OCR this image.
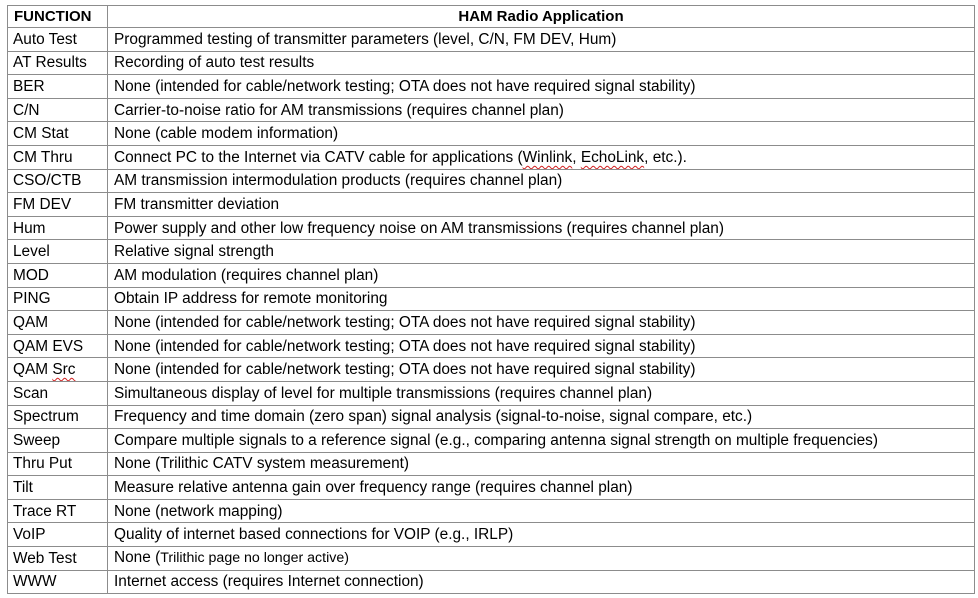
FUNCTION	HAM Radio Application
Auto Test	Programmed testing of transmitter parameters (level, C/N, FM DEV, Hum)
AT Results	Recording of auto test results
BER	None (intended for cable/network testing; OTA does not have required signal stability)
C/N	Carrier-to-noise ratio for AM transmissions (requires channel plan)
CM Stat	None (cable modem information)
CM Thru	Connect PC to the Internet via CATV cable for applications (Winlink, EchoLink, etc.).
CSO/CTB	AM transmission intermodulation products (requires channel plan)
FM DEV	FM transmitter deviation
Hum	Power supply and other low frequency noise on AM transmissions (requires channel plan)
Level	Relative signal strength
MOD	AM modulation (requires channel plan)
PING	Obtain IP address for remote monitoring
QAM	None (intended for cable/network testing; OTA does not have required signal stability)
QAM EVS	None (intended for cable/network testing; OTA does not have required signal stability)
QAM Src	None (intended for cable/network testing; OTA does not have required signal stability)
Scan	Simultaneous display of level for multiple transmissions (requires channel plan)
Spectrum	Frequency and time domain (zero span) signal analysis (signal-to-noise, signal compare, etc.)
Sweep	Compare multiple signals to a reference signal (e.g., comparing antenna signal strength on multiple frequencies)
Thru Put	None (Trilithic CATV system measurement)
Tilt	Measure relative antenna gain over frequency range (requires channel plan)
Trace RT	None (network mapping)
VoIP	Quality of internet based connections for VOIP (e.g., IRLP)
Web Test	None (Trilithic page no longer active)
WWW	Internet access (requires Internet connection)
